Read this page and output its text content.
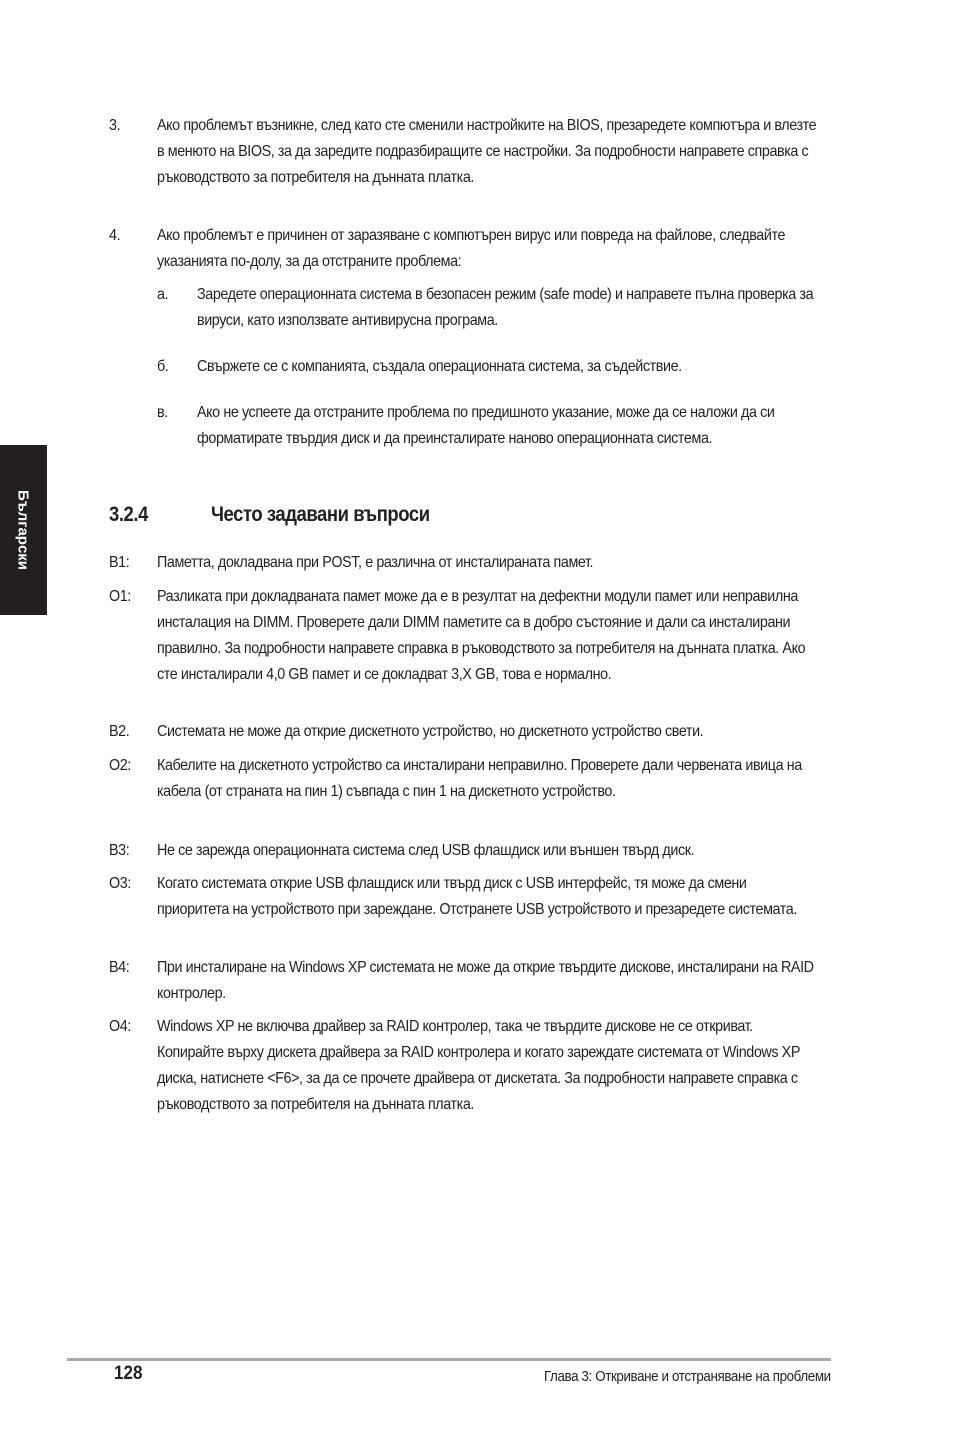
Български
3. Ако проблемът възникне, след като сте сменили настройките на BIOS, презаредете компютъра и влезте в менюто на BIOS, за да заредите подразбиращите се настройки. За подробности направете справка с ръководството за потребителя на дънната платка.
4. Ако проблемът е причинен от заразяване с компютърен вирус или повреда на файлове, следвайте указанията по-долу, за да отстраните проблема:
a. Заредете операционната система в безопасен режим (safe mode) и направете пълна проверка за вируси, като използвате антивирусна програма.
б. Свържете се с компанията, създала операционната система, за съдействие.
в. Ако не успеете да отстраните проблема по предишното указание, може да се наложи да си форматирате твърдия диск и да преинсталирате наново операционната система.
3.2.4	Често задавани въпроси
В1: Паметта, докладвана при POST, е различна от инсталираната памет.
О1: Разликата при докладваната памет може да е в резултат на дефектни модули памет или неправилна инсталация на DIMM. Проверете дали DIMM паметите са в добро състояние и дали са инсталирани правилно. За подробности направете справка в ръководството за потребителя на дънната платка. Ако сте инсталирали 4,0 GB памет и се докладват 3,X GB, това е нормално.
В2. Системата не може да открие дискетното устройство, но дискетното устройство свети.
О2: Кабелите на дискетното устройство са инсталирани неправилно. Проверете дали червената ивица на кабела (от страната на пин 1) съвпада с пин 1 на дискетното устройство.
В3: Не се зарежда операционната система след USB флашдиск или външен твърд диск.
О3: Когато системата открие USB флашдиск или твърд диск с USB интерфейс, тя може да смени приоритета на устройството при зареждане. Отстранете USB устройството и презаредете системата.
В4: При инсталиране на Windows XP системата не може да открие твърдите дискове, инсталирани на RAID контролер.
О4: Windows XP не включва драйвер за RAID контролер, така че твърдите дискове не се откриват. Копирайте върху дискета драйвера за RAID контролера и когато зареждате системата от Windows XP диска, натиснете <F6>, за да се прочете драйвера от дискетата. За подробности направете справка с ръководството за потребителя на дънната платка.
128	Глава 3: Откриване и отстраняване на проблеми
